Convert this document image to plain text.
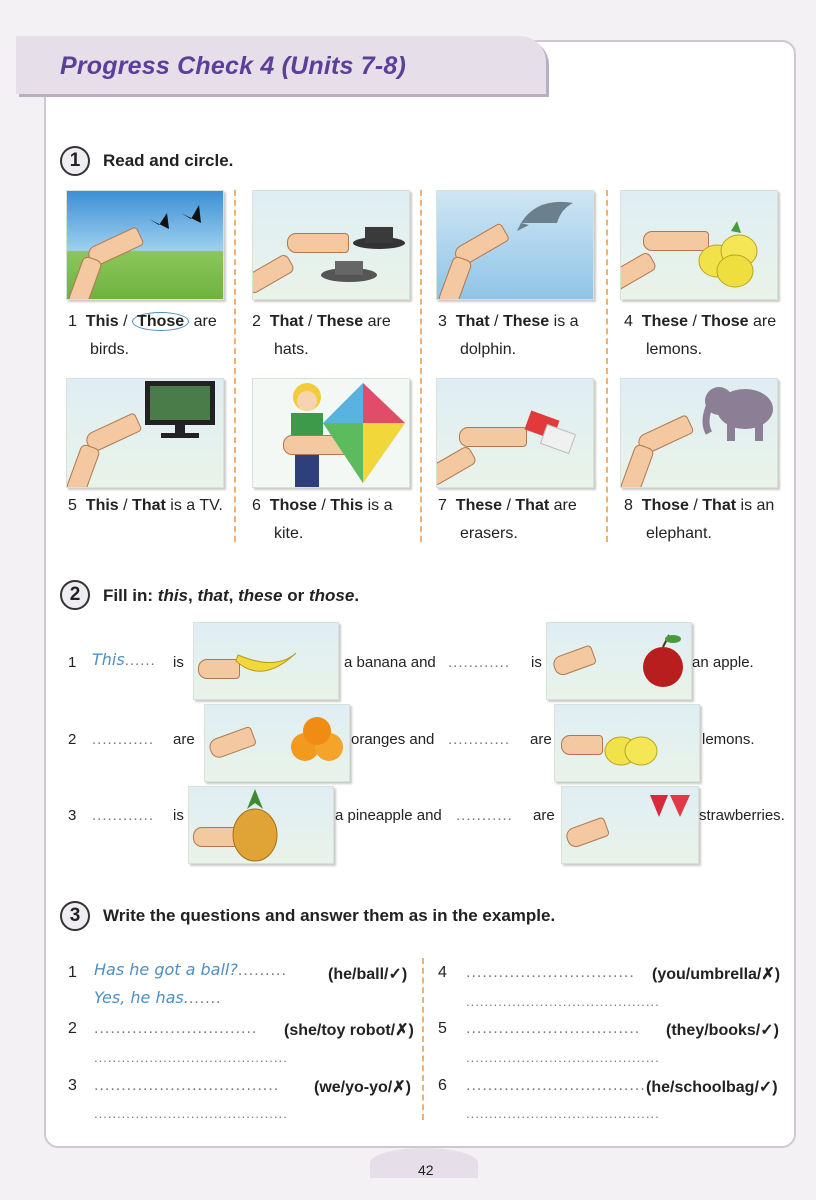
Progress Check 4 (Units 7-8)
1	Read and circle.
1 This / Those are
birds.
2 That / These are
hats.
3 That / These is a
dolphin.
4 These / Those are
lemons.
5 This / That is a TV.	6 Those / This is a
kite.
7 These / That are
erasers.
8 Those / That is an
elephant.
2	Fill in: this, that, these or those.
1 This...... is	a banana and ............ is	an apple.
2 ............ are	oranges and ............ are	lemons.
3 ............ is	a pineapple and ........... are	strawberries.
3	Write the questions and answer them as in the example.
1 Has he got a ball?.........	(he/ball/✓)
Yes, he has.......
2 .............................. (she/toy robot/✗)
..........................................
3 .................................. (we/yo-yo/✗)
..........................................
4 ............................... (you/umbrella/✗)
..........................................
5 ................................ (they/books/✓)
..........................................
6 ...................................
(he/schoolbag/✓)
..........................................
42
